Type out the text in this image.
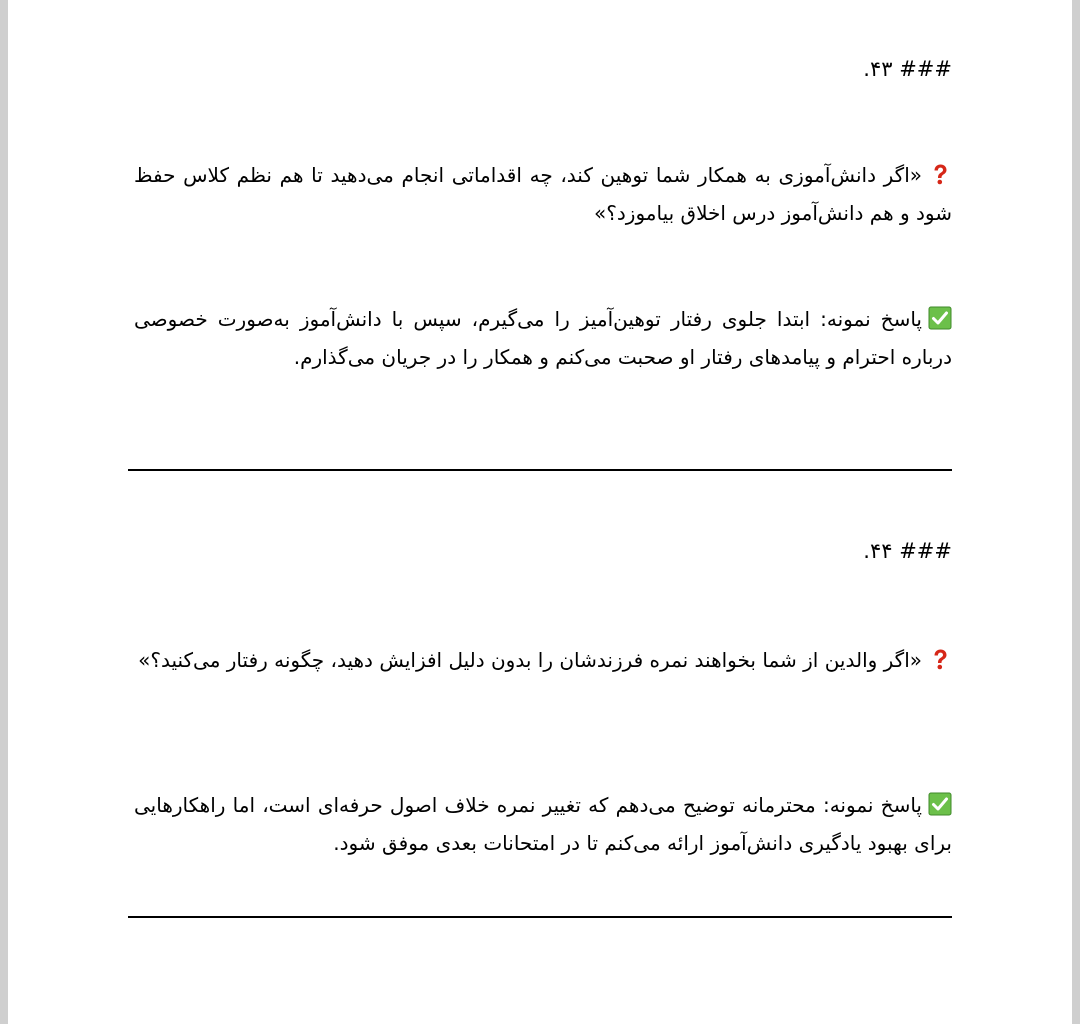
### ۴۳.
«اگر دانش‌آموزی به همکار شما توهین کند، چه اقداماتی انجام می‌دهید تا هم نظم کلاس حفظ شود و هم دانش‌آموز درس اخلاق بیاموزد؟»
پاسخ نمونه: ابتدا جلوی رفتار توهین‌آمیز را می‌گیرم، سپس با دانش‌آموز به‌صورت خصوصی درباره احترام و پیامدهای رفتار او صحبت می‌کنم و همکار را در جریان می‌گذارم.
### ۴۴.
«اگر والدین از شما بخواهند نمره فرزندشان را بدون دلیل افزایش دهید، چگونه رفتار می‌کنید؟»
پاسخ نمونه: محترمانه توضیح می‌دهم که تغییر نمره خلاف اصول حرفه‌ای است، اما راهکارهایی برای بهبود یادگیری دانش‌آموز ارائه می‌کنم تا در امتحانات بعدی موفق شود.
